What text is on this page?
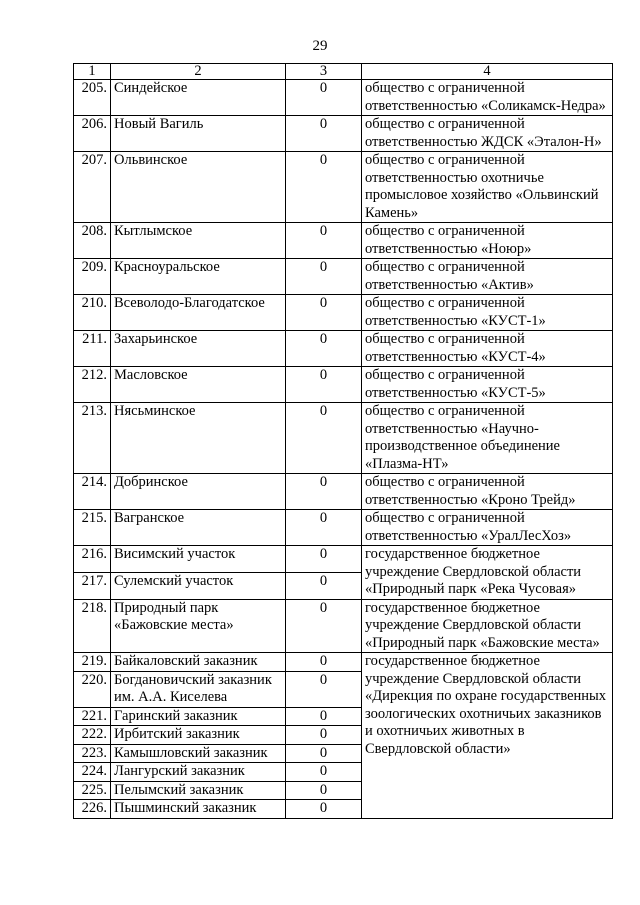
29
1	2	3	4
205.	Синдейское	0	общество с ограниченной ответственностью «Соликамск-Недра»
206.	Новый Вагиль	0	общество с ограниченной ответственностью ЖДСК «Эталон-Н»
207.	Ольвинское	0	общество с ограниченной ответственностью охотничье промысловое хозяйство «Ольвинский Камень»
208.	Кытлымское	0	общество с ограниченной ответственностью «Ноюр»
209.	Красноуральское	0	общество с ограниченной ответственностью «Актив»
210.	Всеволодо-Благодатское	0	общество с ограниченной ответственностью «КУСТ-1»
211.	Захарьинское	0	общество с ограниченной ответственностью «КУСТ-4»
212.	Масловское	0	общество с ограниченной ответственностью «КУСТ-5»
213.	Нясьминское	0	общество с ограниченной ответственностью «Научно-производственное объединение «Плазма-НТ»
214.	Добринское	0	общество с ограниченной ответственностью «Кроно Трейд»
215.	Вагранское	0	общество с ограниченной ответственностью «УралЛесХоз»
216.	Висимский участок	0	государственное бюджетное учреждение Свердловской области «Природный парк «Река Чусовая»
217.	Сулемский участок	0	
218.	Природный парк «Бажовские места»	0	государственное бюджетное учреждение Свердловской области «Природный парк «Бажовские места»
219.	Байкаловский заказник	0	государственное бюджетное учреждение Свердловской области «Дирекция по охране государственных зоологических охотничьих заказников и охотничьих животных в Свердловской области»
220.	Богдановичский заказник им. А.А. Киселева	0	
221.	Гаринский заказник	0	
222.	Ирбитский заказник	0	
223.	Камышловский заказник	0	
224.	Лангурский заказник	0	
225.	Пелымский заказник	0	
226.	Пышминский заказник	0	
